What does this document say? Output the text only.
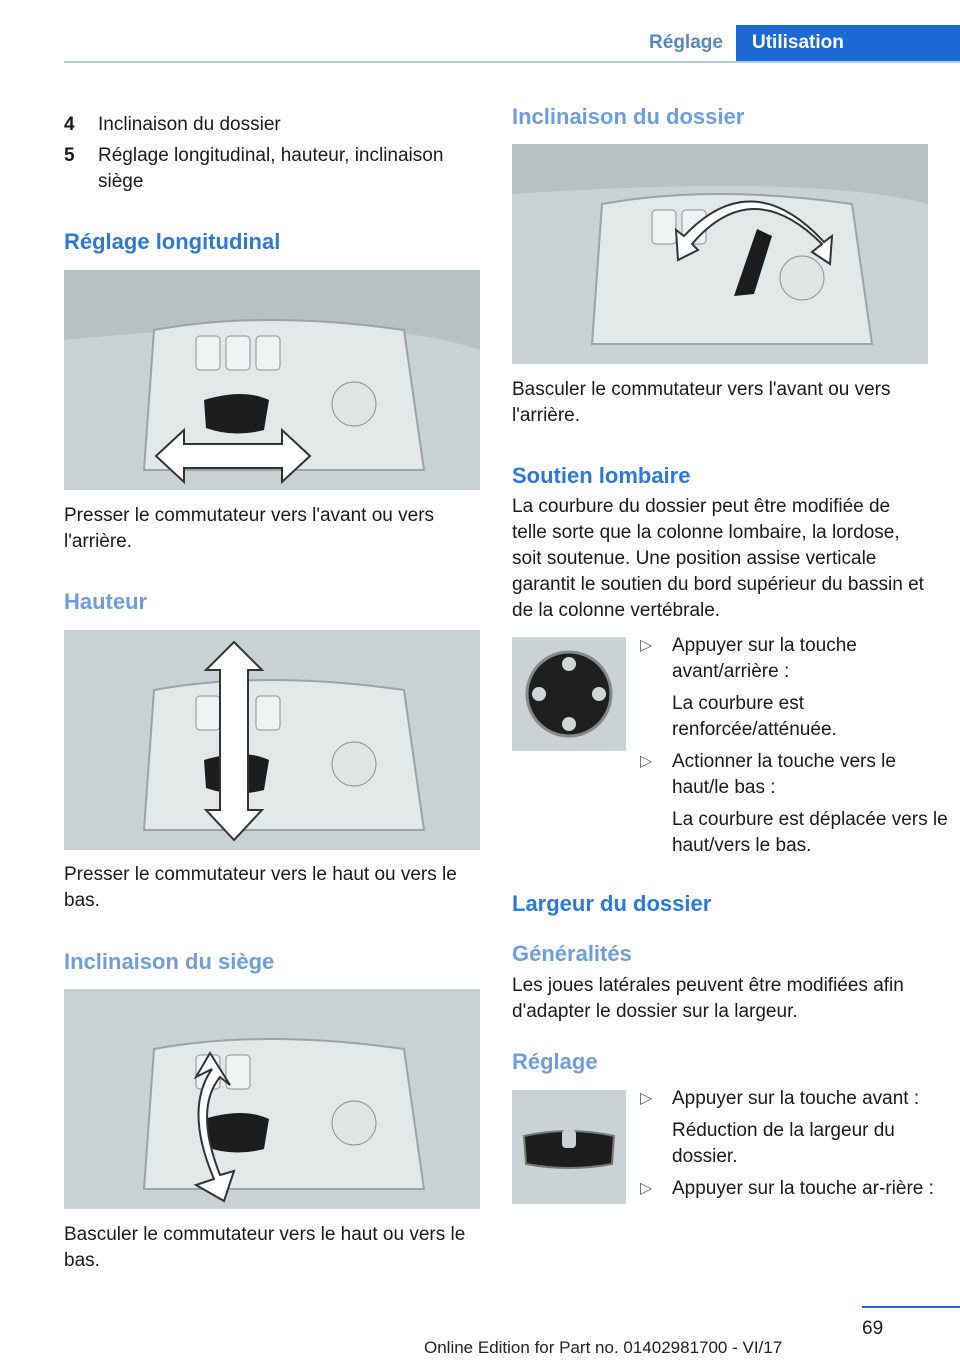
Réglage	Utilisation
4 Inclinaison du dossier
5 Réglage longitudinal, hauteur, inclinaison siège
Réglage longitudinal
Presser le commutateur vers l'avant ou vers l'arrière.
Hauteur
Presser le commutateur vers le haut ou vers le bas.
Inclinaison du siège
Basculer le commutateur vers le haut ou vers le bas.
Inclinaison du dossier
Basculer le commutateur vers l'avant ou vers l'arrière.
Soutien lombaire
La courbure du dossier peut être modifiée de telle sorte que la colonne lombaire, la lordose, soit soutenue. Une position assise verticale garantit le soutien du bord supérieur du bassin et de la colonne vertébrale.
▷ Appuyer sur la touche avant/arrière :
La courbure est renforcée/atténuée.
▷ Actionner la touche vers le haut/le bas :
La courbure est déplacée vers le haut/vers le bas.
Largeur du dossier
Généralités
Les joues latérales peuvent être modifiées afin d'adapter le dossier sur la largeur.
Réglage
▷ Appuyer sur la touche avant :
Réduction de la largeur du dossier.
▷ Appuyer sur la touche ar-rière :
69
Online Edition for Part no. 01402981700 - VI/17
